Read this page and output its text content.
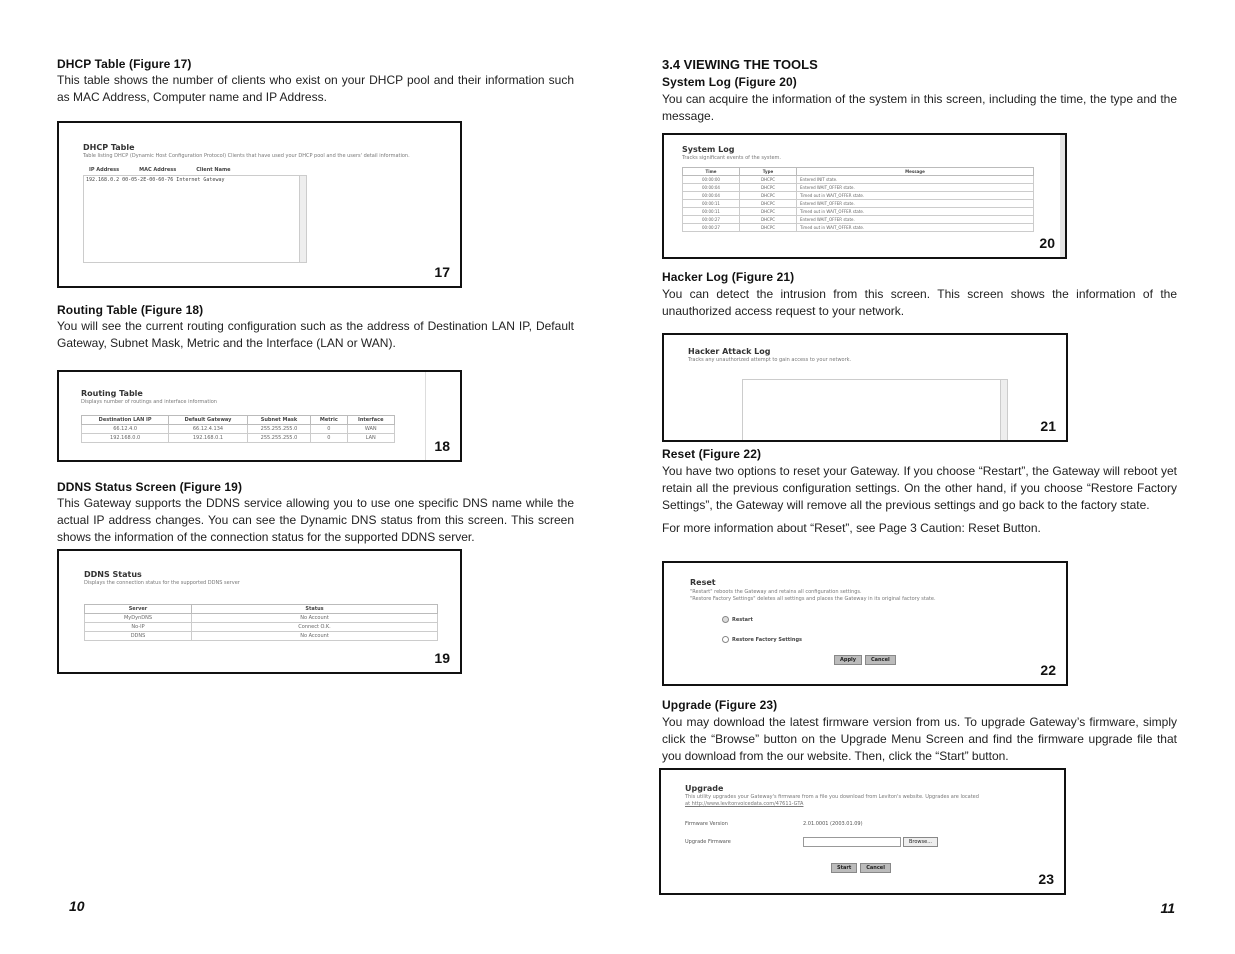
DHCP Table (Figure 17)

This table shows the number of clients who exist on your DHCP pool and their information such as MAC Address, Computer name and IP Address.

DHCP Table
Table listing DHCP (Dynamic Host Configuration Protocol) Clients that have used your DHCP pool and the users' detail information.
IP Address	MAC Address	Client Name
192.168.0.2 00-05-2E-00-60-76 Internet Gateway
17
Routing Table (Figure 18)

You will see the current routing configuration such as the address of Destination LAN IP, Default Gateway, Subnet Mask, Metric and the Interface (LAN or WAN).

Routing Table
Displays number of routings and interface information
Destination LAN IP	Default Gateway	Subnet Mask	Metric	Interface
66.12.4.0	66.12.4.134	255.255.255.0	0	WAN
192.168.0.0	192.168.0.1	255.255.255.0	0	LAN	18
DDNS Status Screen (Figure 19)

This Gateway supports the DDNS service allowing you to use one specific DNS name while the actual IP address changes. You can see the Dynamic DNS status from this screen. This screen shows the information of the connection status for the supported DDNS server.

DDNS Status
Displays the connection status for the supported DDNS server
Server	Status
MyDynDNS	No Account
No-IP	Connect O.K.
DDNS	No Account
19
10
3.4 VIEWING THE TOOLS
System Log (Figure 20)

You can acquire the information of the system in this screen, including the time, the type and the message.

System Log
Tracks significant events of the system.
Time	Type	Message
00:00:00	DHCPC	Entered INIT state.
00:00:04	DHCPC	Entered WAIT_OFFER state.
00:00:04	DHCPC	Timed out in WAIT_OFFER state.
00:00:11	DHCPC	Entered WAIT_OFFER state.
00:00:11	DHCPC	Timed out in WAIT_OFFER state.
00:00:27	DHCPC	Entered WAIT_OFFER state.
00:00:27	DHCPC	Timed out in WAIT_OFFER state.
20
Hacker Log (Figure 21)

You can detect the intrusion from this screen. This screen shows the information of the unauthorized access request to your network.

Hacker Attack Log
Tracks any unauthorized attempt to gain access to your network.
21
Reset (Figure 22)

You have two options to reset your Gateway. If you choose “Restart”, the Gateway will reboot yet retain all the previous configuration settings. On the other hand, if you choose “Restore Factory Settings”, the Gateway will remove all the previous settings and go back to the factory state.

For more information about “Reset”, see Page 3 Caution: Reset Button.

Reset
"Restart" reboots the Gateway and retains all configuration settings.
"Restore Factory Settings" deletes all settings and places the Gateway in its original factory state.
Restart
Restore Factory Settings
Apply	Cancel
22
Upgrade (Figure 23)

You may download the latest firmware version from us. To upgrade Gateway’s firmware, simply click the “Browse” button on the Upgrade Menu Screen and find the firmware upgrade file that you download from the our website. Then, click the “Start” button.

Upgrade
This utility upgrades your Gateway's firmware from a file you download from Leviton's website. Upgrades are located
at http://www.levitonvoicedata.com/47611-GTA
Firmware Version	2.01.0001 (2003.01.09)
Upgrade Firmware	Browse...
Start	Cancel
23
11
